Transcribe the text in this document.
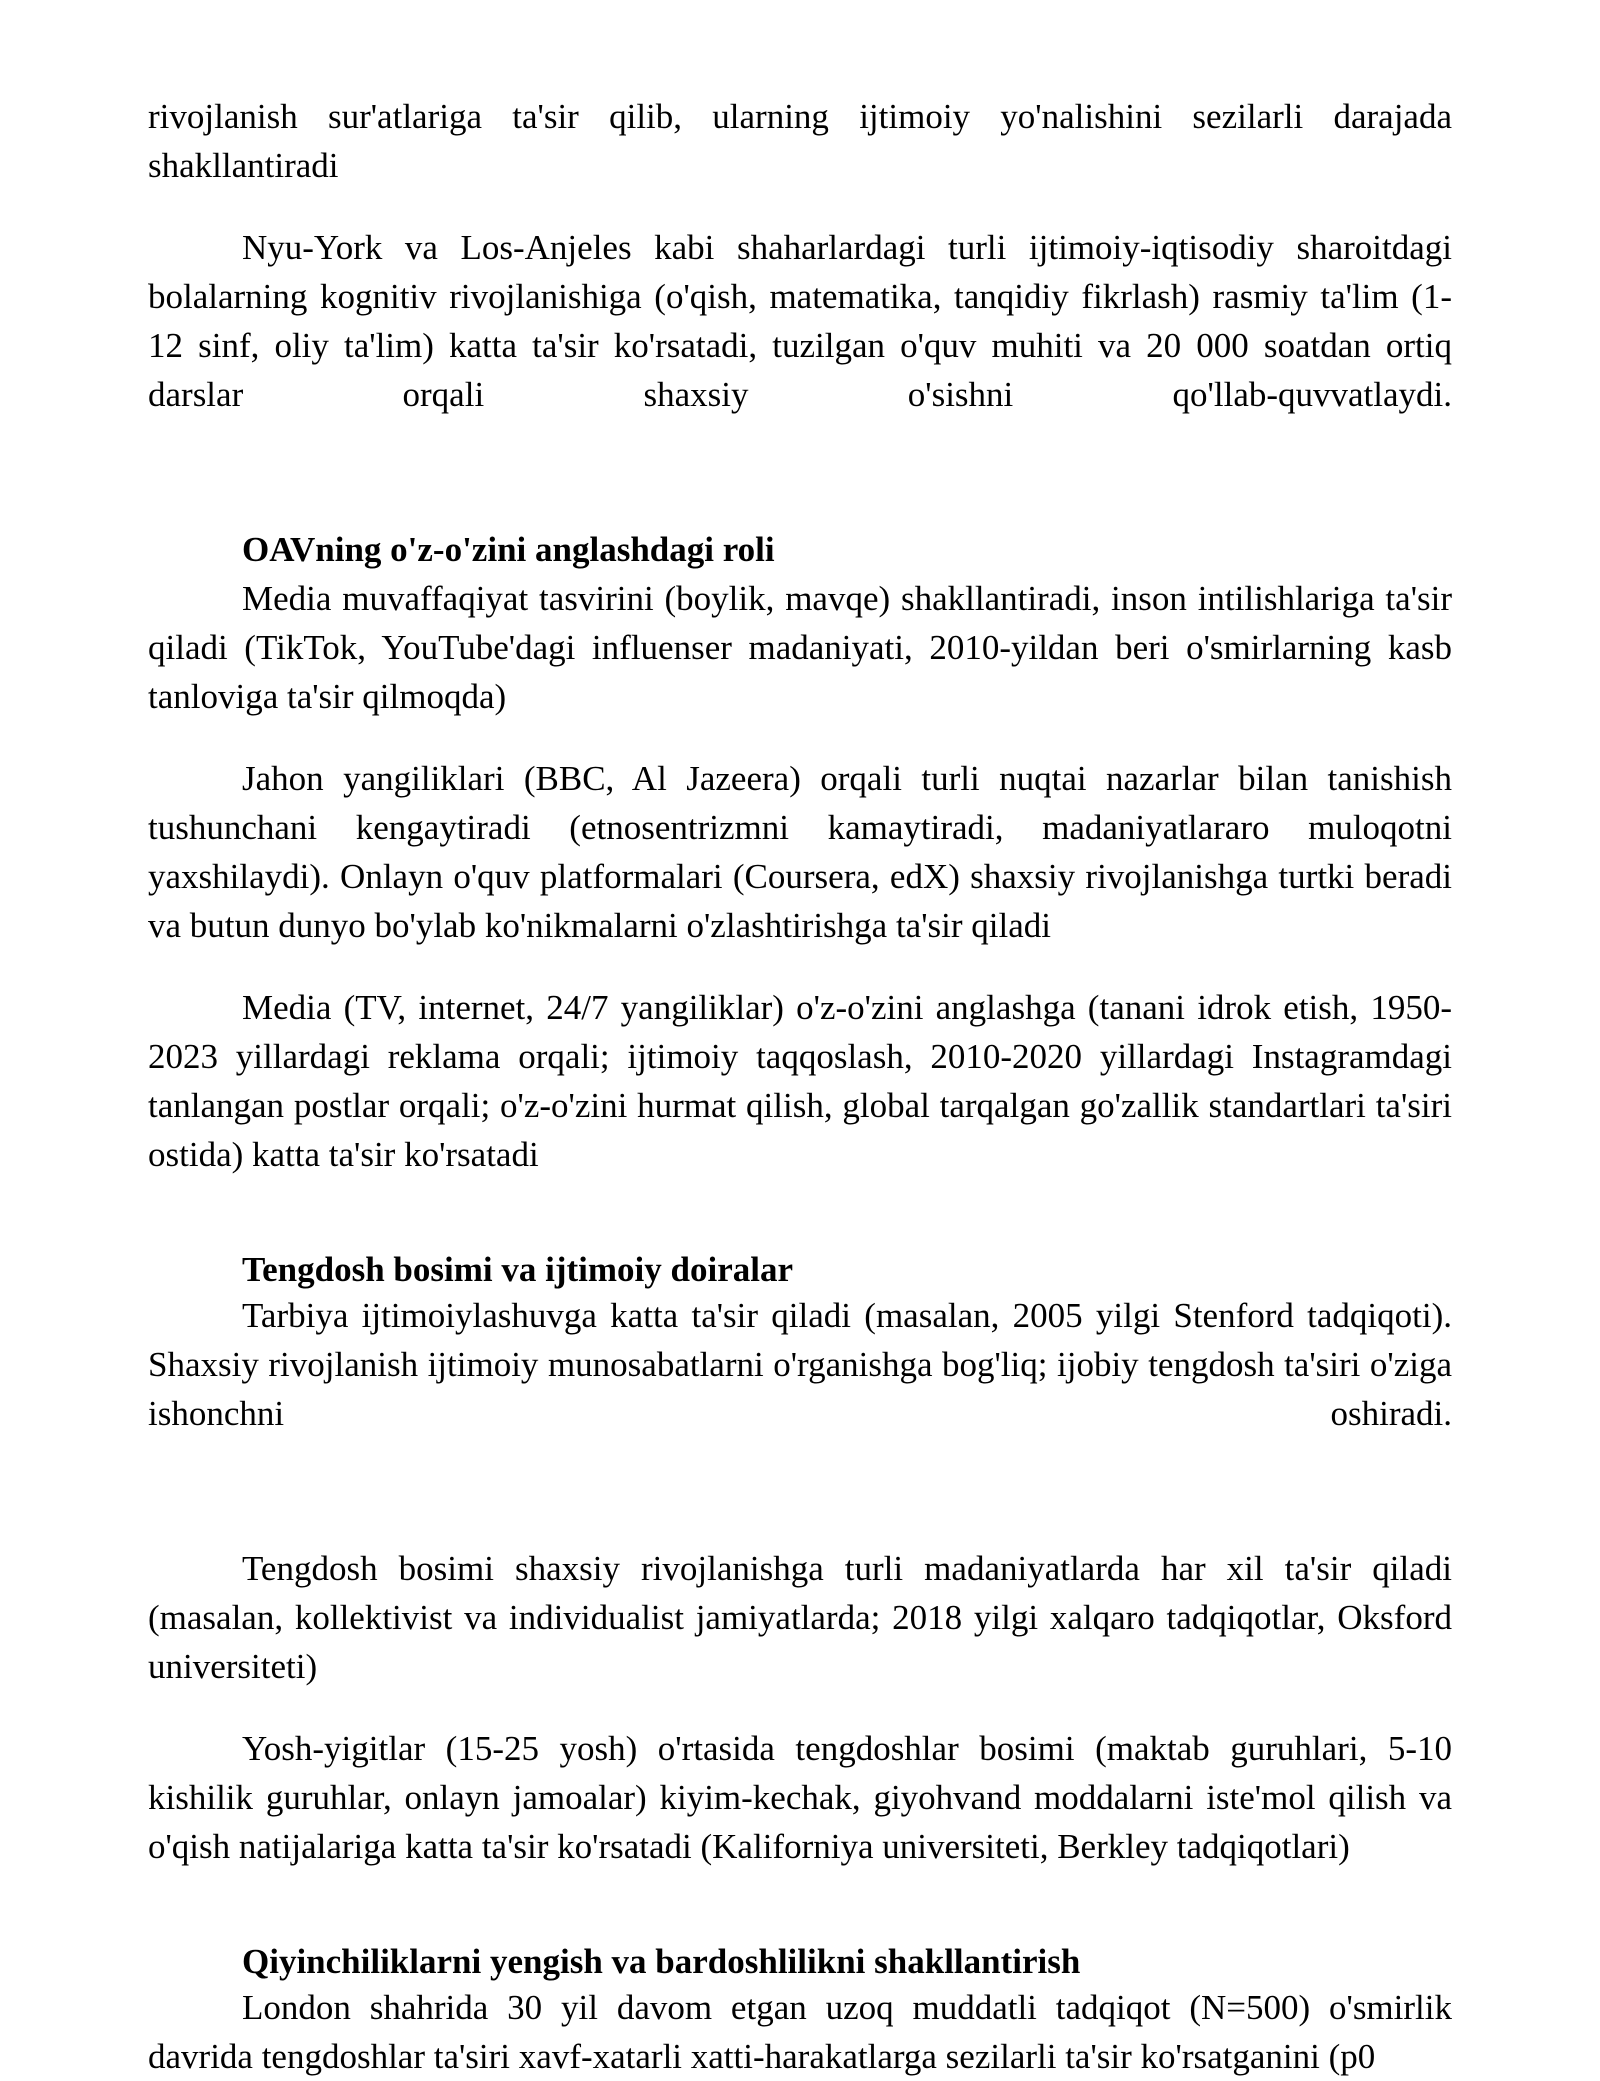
rivojlanish sur'atlariga ta'sir qilib, ularning ijtimoiy yo'nalishini sezilarli darajada shakllantiradi

Nyu-York va Los-Anjeles kabi shaharlardagi turli ijtimoiy-iqtisodiy sharoitdagi bolalarning kognitiv rivojlanishiga (o'qish, matematika, tanqidiy fikrlash) rasmiy ta'lim (1-12 sinf, oliy ta'lim) katta ta'sir ko'rsatadi, tuzilgan o'quv muhiti va 20 000 soatdan ortiq darslar orqali shaxsiy o'sishni qo'llab-quvvatlaydi.

OAVning o'z-o'zini anglashdagi roli

Media muvaffaqiyat tasvirini (boylik, mavqe) shakllantiradi, inson intilishlariga ta'sir qiladi (TikTok, YouTube'dagi influenser madaniyati, 2010-yildan beri o'smirlarning kasb tanloviga ta'sir qilmoqda)

Jahon yangiliklari (BBC, Al Jazeera) orqali turli nuqtai nazarlar bilan tanishish tushunchani kengaytiradi (etnosentrizmni kamaytiradi, madaniyatlararo muloqotni yaxshilaydi). Onlayn o'quv platformalari (Coursera, edX) shaxsiy rivojlanishga turtki beradi va butun dunyo bo'ylab ko'nikmalarni o'zlashtirishga ta'sir qiladi

Media (TV, internet, 24/7 yangiliklar) o'z-o'zini anglashga (tanani idrok etish, 1950-2023 yillardagi reklama orqali; ijtimoiy taqqoslash, 2010-2020 yillardagi Instagramdagi tanlangan postlar orqali; o'z-o'zini hurmat qilish, global tarqalgan go'zallik standartlari ta'siri ostida) katta ta'sir ko'rsatadi

Tengdosh bosimi va ijtimoiy doiralar

Tarbiya ijtimoiylashuvga katta ta'sir qiladi (masalan, 2005 yilgi Stenford tadqiqoti). Shaxsiy rivojlanish ijtimoiy munosabatlarni o'rganishga bog'liq; ijobiy tengdosh ta'siri o'ziga ishonchni oshiradi.

Tengdosh bosimi shaxsiy rivojlanishga turli madaniyatlarda har xil ta'sir qiladi (masalan, kollektivist va individualist jamiyatlarda; 2018 yilgi xalqaro tadqiqotlar, Oksford universiteti)

Yosh-yigitlar (15-25 yosh) o'rtasida tengdoshlar bosimi (maktab guruhlari, 5-10 kishilik guruhlar, onlayn jamoalar) kiyim-kechak, giyohvand moddalarni iste'mol qilish va o'qish natijalariga katta ta'sir ko'rsatadi (Kaliforniya universiteti, Berkley tadqiqotlari)

Qiyinchiliklarni yengish va bardoshlilikni shakllantirish

London shahrida 30 yil davom etgan uzoq muddatli tadqiqot (N=500) o'smirlik davrida tengdoshlar ta'siri xavf-xatarli xatti-harakatlarga sezilarli ta'sir ko'rsatganini (p0
